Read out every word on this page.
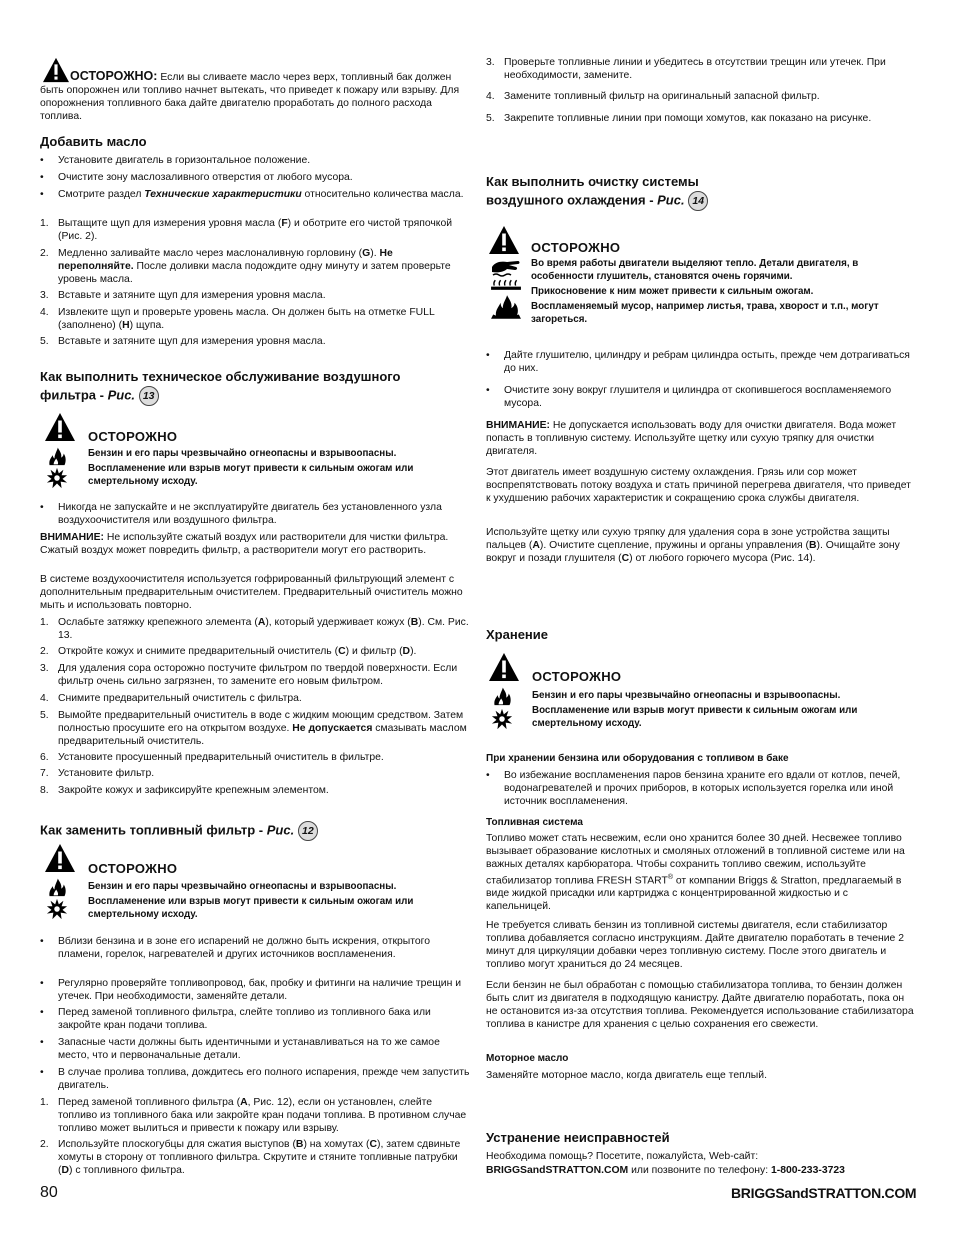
ОСТОРОЖНО: Если вы сливаете масло через верх, топливный бак должен быть опорожнен или топливо начнет вытекать, что приведет к пожару или взрыву. Для опорожнения топливного бака дайте двигателю проработать до полного расхода топлива.

Добавить масло
• Установите двигатель в горизонтальное положение.
• Очистите зону маслозаливного отверстия от любого мусора.
• Смотрите раздел Технические характеристики относительно количества масла.
1. Вытащите щуп для измерения уровня масла (F) и оботрите его чистой тряпочкой (Рис. 2).
2. Медленно заливайте масло через маслоналивную горловину (G). Не переполняйте. После доливки масла подождите одну минуту и затем проверьте уровень масла.
3. Вставьте и затяните щуп для измерения уровня масла.
4. Извлеките щуп и проверьте уровень масла. Он должен быть на отметке FULL (заполнено) (H) щупа.
5. Вставьте и затяните щуп для измерения уровня масла.
Как выполнить техническое обслуживание воздушного фильтра - Рис. 13
ОСТОРОЖНО
Бензин и его пары чрезвычайно огнеопасны и взрывоопасны.
Воспламенение или взрыв могут привести к сильным ожогам или смертельному исходу.
• Никогда не запускайте и не эксплуатируйте двигатель без установленного узла воздухоочистителя или воздушного фильтра.

ВНИМАНИЕ: Не используйте сжатый воздух или растворители для чистки фильтра. Сжатый воздух может повредить фильтр, а растворители могут его растворить.

В системе воздухоочистителя используется гофрированный фильтрующий элемент с дополнительным предварительным очистителем. Предварительный очиститель можно мыть и использовать повторно.

1. Ослабьте затяжку крепежного элемента (A), который удерживает кожух (B). См. Рис. 13.
2. Откройте кожух и снимите предварительный очиститель (C) и фильтр (D).
3. Для удаления сора осторожно постучите фильтром по твердой поверхности. Если фильтр очень сильно загрязнен, то замените его новым фильтром.
4. Снимите предварительный очиститель с фильтра.
5. Вымойте предварительный очиститель в воде с жидким моющим средством. Затем полностью просушите его на открытом воздухе. Не допускается смазывать маслом предварительный очиститель.
6. Установите просушенный предварительный очиститель в фильтре.
7. Установите фильтр.
8. Закройте кожух и зафиксируйте крепежным элементом.
Как заменить топливный фильтр - Рис. 12
ОСТОРОЖНО
Бензин и его пары чрезвычайно огнеопасны и взрывоопасны.
Воспламенение или взрыв могут привести к сильным ожогам или смертельному исходу.
• Вблизи бензина и в зоне его испарений не должно быть искрения, открытого пламени, горелок, нагревателей и других источников воспламенения.
• Регулярно проверяйте топливопровод, бак, пробку и фитинги на наличие трещин и утечек. При необходимости, заменяйте детали.
• Перед заменой топливного фильтра, слейте топливо из топливного бака или закройте кран подачи топлива.
• Запасные части должны быть идентичными и устанавливаться на то же самое место, что и первоначальные детали.
• В случае пролива топлива, дождитесь его полного испарения, прежде чем запустить двигатель.
1. Перед заменой топливного фильтра (A, Рис. 12), если он установлен, слейте топливо из топливного бака или закройте кран подачи топлива. В противном случае топливо может вылиться и привести к пожару или взрыву.
2. Используйте плоскогубцы для сжатия выступов (B) на хомутах (C), затем сдвиньте хомуты в сторону от топливного фильтра. Скрутите и стяните топливные патрубки (D) с топливного фильтра.
3. Проверьте топливные линии и убедитесь в отсутствии трещин или утечек. При необходимости, замените.
4. Замените топливный фильтр на оригинальный запасной фильтр.
5. Закрепите топливные линии при помощи хомутов, как показано на рисунке.
Как выполнить очистку системы
воздушного охлаждения - Рис. 14
ОСТОРОЖНО
Во время работы двигатели выделяют тепло. Детали двигателя, в особенности глушитель, становятся очень горячими.
Прикосновение к ним может привести к сильным ожогам.
Воспламеняемый мусор, например листья, трава, хворост и т.п., могут загореться.
• Дайте глушителю, цилиндру и ребрам цилиндра остыть, прежде чем дотрагиваться до них.
• Очистите зону вокруг глушителя и цилиндра от скопившегося воспламеняемого мусора.

ВНИМАНИЕ: Не допускается использовать воду для очистки двигателя. Вода может попасть в топливную систему. Используйте щетку или сухую тряпку для очистки двигателя.

Этот двигатель имеет воздушную систему охлаждения. Грязь или сор может воспрепятствовать потоку воздуха и стать причиной перегрева двигателя, что приведет к ухудшению рабочих характеристик и сокращению срока службы двигателя.

Используйте щетку или сухую тряпку для удаления сора в зоне устройства защиты пальцев (A). Очистите сцепление, пружины и органы управления (B). Очищайте зону вокруг и позади глушителя (C) от любого горючего мусора (Рис. 14).

Хранение
ОСТОРОЖНО
Бензин и его пары чрезвычайно огнеопасны и взрывоопасны.
Воспламенение или взрыв могут привести к сильным ожогам или смертельному исходу.
При хранении бензина или оборудования с топливом в баке
• Во избежание воспламенения паров бензина храните его вдали от котлов, печей, водонагревателей и прочих приборов, в которых используется горелка или иной источник воспламенения.
Топливная система

Топливо может стать несвежим, если оно хранится более 30 дней. Несвежее топливо вызывает образование кислотных и смоляных отложений в топливной системе или на важных деталях карбюратора. Чтобы сохранить топливо свежим, используйте стабилизатор топлива FRESH START® от компании Briggs & Stratton, предлагаемый в виде жидкой присадки или картриджа с концентрированной жидкостью и с капельницей.

Не требуется сливать бензин из топливной системы двигателя, если стабилизатор топлива добавляется согласно инструкциям. Дайте двигателю поработать в течение 2 минут для циркуляции добавки через топливную систему. После этого двигатель и топливо могут храниться до 24 месяцев.

Если бензин не был обработан с помощью стабилизатора топлива, то бензин должен быть слит из двигателя в подходящую канистру. Дайте двигателю поработать, пока он не остановится из-за отсутствия топлива. Рекомендуется использование стабилизатора топлива в канистре для хранения с целью сохранения его свежести.

Моторное масло

Заменяйте моторное масло, когда двигатель еще теплый.

Устранение неисправностей

Необходима помощь? Посетите, пожалуйста, Web-сайт:

BRIGGSandSTRATTON.COM или позвоните по телефону: 1-800-233-3723

80	BRIGGSandSTRATTON.COM
